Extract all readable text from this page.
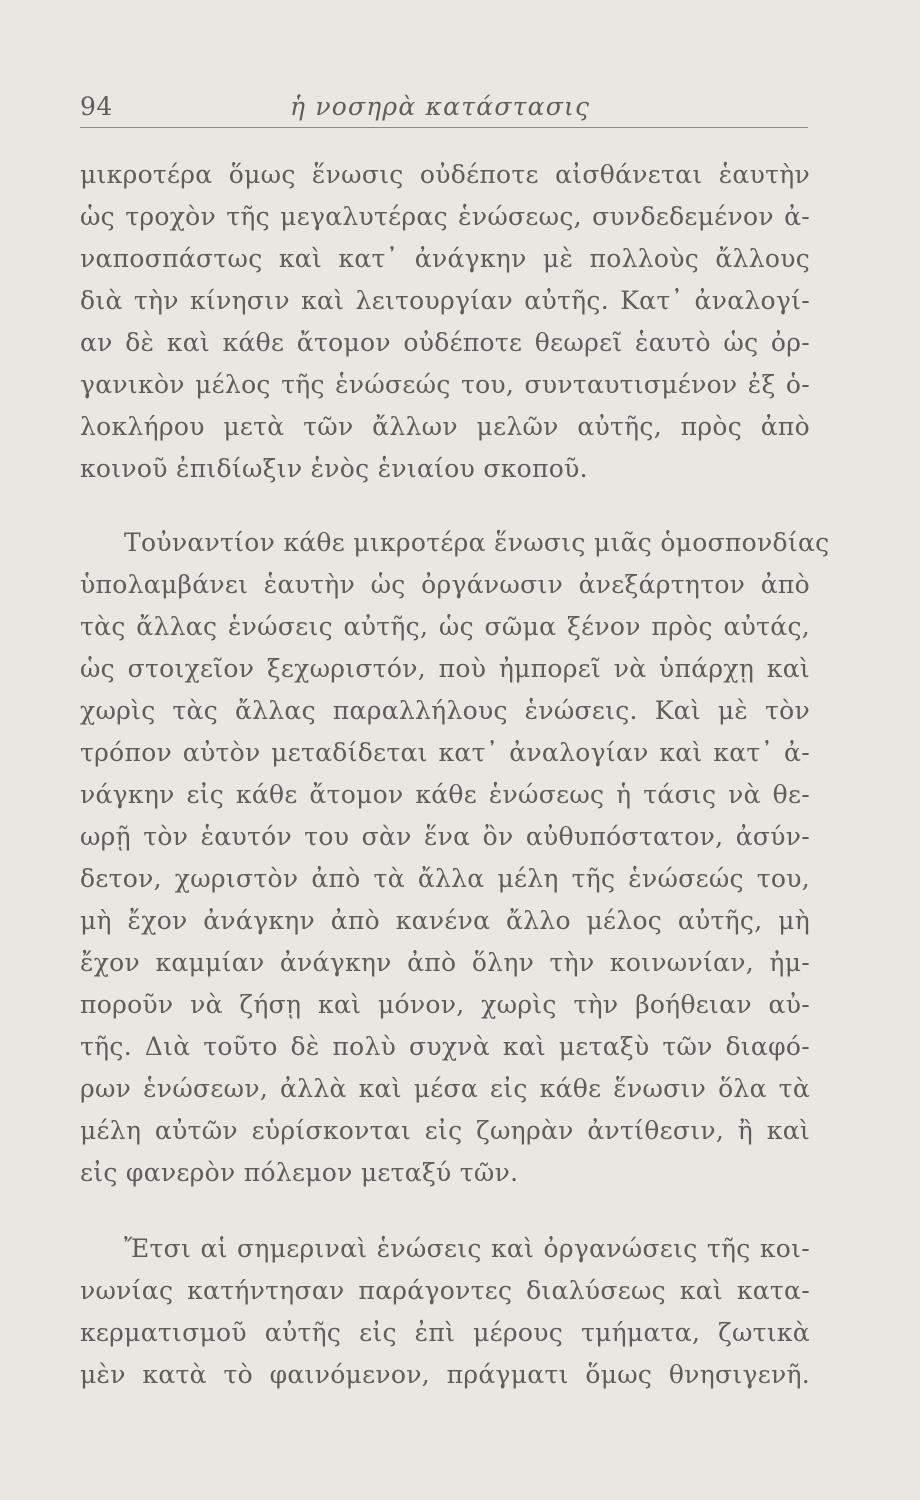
94	ἡ νοσηρὰ κατάστασις
μικροτέρα ὅμως ἕνωσις οὐδέποτε αἰσθάνεται ἑαυτὴν
ὡς τροχὸν τῆς μεγαλυτέρας ἑνώσεως, συνδεδεμένον ἀ-
ναποσπάστως καὶ κατ᾽ ἀνάγκην μὲ πολλοὺς ἄλλους
διὰ τὴν κίνησιν καὶ λειτουργίαν αὐτῆς. Κατ᾽ ἀναλογί-
αν δὲ καὶ κάθε ἄτομον οὐδέποτε θεωρεῖ ἑαυτὸ ὡς ὀρ-
γανικὸν μέλος τῆς ἑνώσεώς του, συνταυτισμένον ἐξ ὁ-
λοκλήρου μετὰ τῶν ἄλλων μελῶν αὐτῆς, πρὸς ἀπὸ
κοινοῦ ἐπιδίωξιν ἑνὸς ἑνιαίου σκοποῦ.
Τοὐναντίον κάθε μικροτέρα ἕνωσις μιᾶς ὁμοσπονδίας
ὑπολαμβάνει ἑαυτὴν ὡς ὀργάνωσιν ἀνεξάρτητον ἀπὸ
τὰς ἄλλας ἑνώσεις αὐτῆς, ὡς σῶμα ξένον πρὸς αὐτάς,
ὡς στοιχεῖον ξεχωριστόν, ποὺ ἠμπορεῖ νὰ ὑπάρχῃ καὶ
χωρὶς τὰς ἄλλας παραλλήλους ἑνώσεις. Καὶ μὲ τὸν
τρόπον αὐτὸν μεταδίδεται κατ᾽ ἀναλογίαν καὶ κατ᾽ ἀ-
νάγκην εἰς κάθε ἄτομον κάθε ἑνώσεως ἡ τάσις νὰ θε-
ωρῇ τὸν ἑαυτόν του σὰν ἕνα ὂν αὐθυπόστατον, ἀσύν-
δετον, χωριστὸν ἀπὸ τὰ ἄλλα μέλη τῆς ἑνώσεώς του,
μὴ ἔχον ἀνάγκην ἀπὸ κανένα ἄλλο μέλος αὐτῆς, μὴ
ἔχον καμμίαν ἀνάγκην ἀπὸ ὅλην τὴν κοινωνίαν, ἠμ-
ποροῦν νὰ ζήσῃ καὶ μόνον, χωρὶς τὴν βοήθειαν αὐ-
τῆς. Διὰ τοῦτο δὲ πολὺ συχνὰ καὶ μεταξὺ τῶν διαφό-
ρων ἑνώσεων, ἀλλὰ καὶ μέσα εἰς κάθε ἕνωσιν ὅλα τὰ
μέλη αὐτῶν εὑρίσκονται εἰς ζωηρὰν ἀντίθεσιν, ἢ καὶ
εἰς φανερὸν πόλεμον μεταξύ τῶν.
Ἔτσι αἱ σημεριναὶ ἑνώσεις καὶ ὀργανώσεις τῆς κοι-
νωνίας κατήντησαν παράγοντες διαλύσεως καὶ κατα-
κερματισμοῦ αὐτῆς εἰς ἐπὶ μέρους τμήματα, ζωτικὰ
μὲν κατὰ τὸ φαινόμενον, πράγματι ὅμως θνησιγενῆ.
